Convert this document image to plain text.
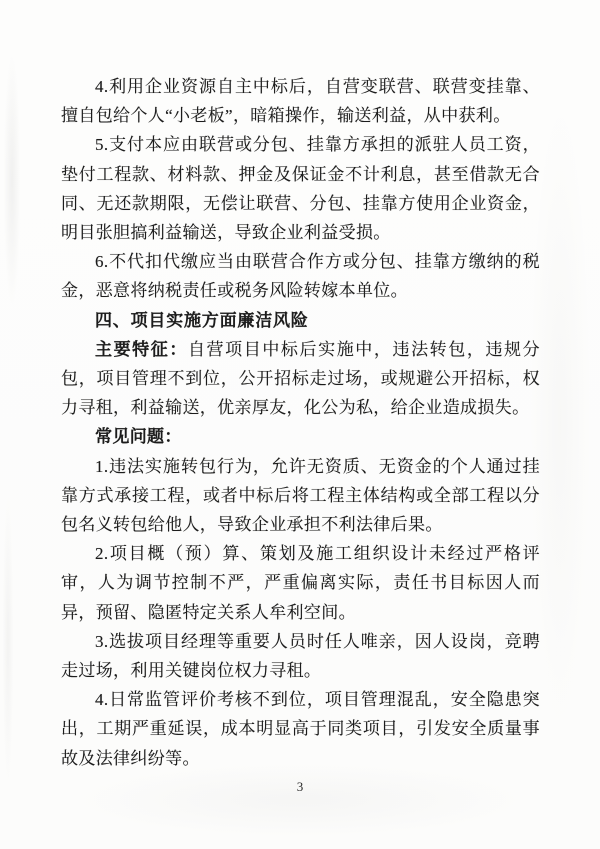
4.利用企业资源自主中标后，自营变联营、联营变挂靠、擅自包给个人“小老板”，暗箱操作，输送利益，从中获利。

5.支付本应由联营或分包、挂靠方承担的派驻人员工资，垫付工程款、材料款、押金及保证金不计利息，甚至借款无合同、无还款期限，无偿让联营、分包、挂靠方使用企业资金，明目张胆搞利益输送，导致企业利益受损。

6.不代扣代缴应当由联营合作方或分包、挂靠方缴纳的税金，恶意将纳税责任或税务风险转嫁本单位。

四、项目实施方面廉洁风险

主要特征：自营项目中标后实施中，违法转包，违规分包，项目管理不到位，公开招标走过场，或规避公开招标，权力寻租，利益输送，优亲厚友，化公为私，给企业造成损失。

常见问题：

1.违法实施转包行为，允许无资质、无资金的个人通过挂靠方式承接工程，或者中标后将工程主体结构或全部工程以分包名义转包给他人，导致企业承担不利法律后果。

2.项目概（预）算、策划及施工组织设计未经过严格评审，人为调节控制不严，严重偏离实际，责任书目标因人而异，预留、隐匿特定关系人牟利空间。

3.选拔项目经理等重要人员时任人唯亲，因人设岗，竞聘走过场，利用关键岗位权力寻租。

4.日常监管评价考核不到位，项目管理混乱，安全隐患突出，工期严重延误，成本明显高于同类项目，引发安全质量事故及法律纠纷等。

3
